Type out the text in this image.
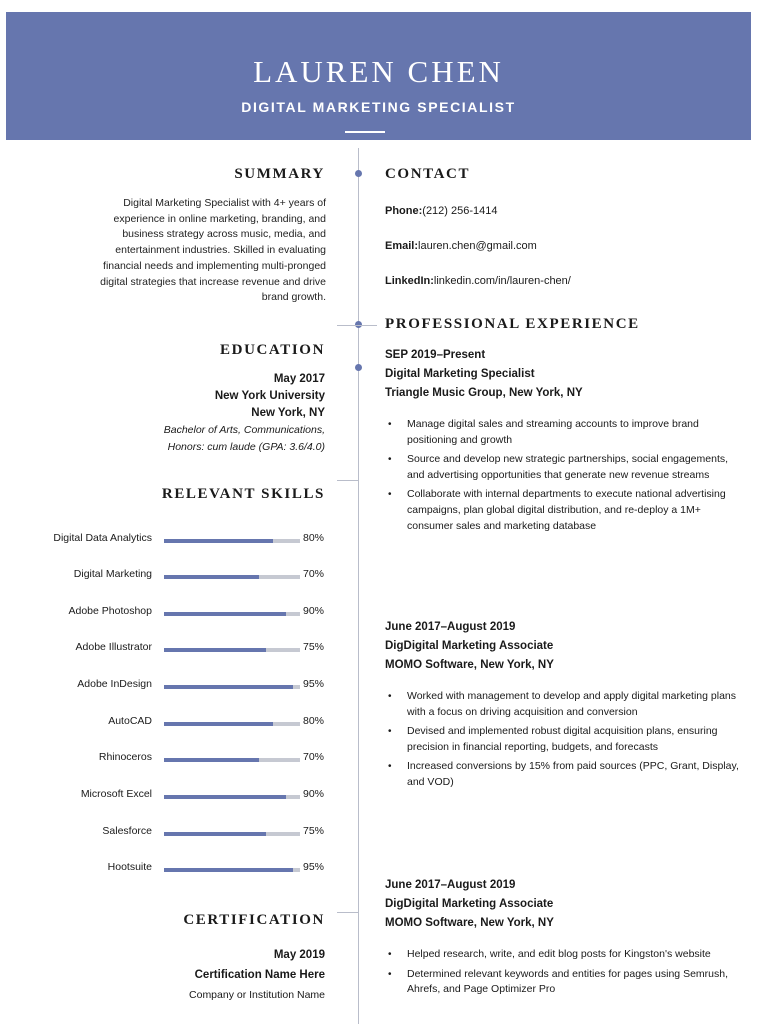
LAUREN CHEN
DIGITAL MARKETING SPECIALIST
SUMMARY
Digital Marketing Specialist with 4+ years of
experience in online marketing, branding, and
business strategy across music, media, and
entertainment industries. Skilled in evaluating
financial needs and implementing multi-pronged
digital strategies that increase revenue and drive
brand growth.
EDUCATION
May 2017
New York University
New York, NY
Bachelor of Arts, Communications,
Honors: cum laude (GPA: 3.6/4.0)
RELEVANT SKILLS
Digital Data Analytics	80%
Digital Marketing	70%
Adobe Photoshop	90%
Adobe Illustrator	75%
Adobe InDesign	95%
AutoCAD	80%
Rhinoceros	70%
Microsoft Excel	90%
Salesforce	75%
Hootsuite	95%
CERTIFICATION
May 2019
Certification Name Here
Company or Institution Name
CONTACT
Phone:(212) 256-1414
Email:lauren.chen@gmail.com
LinkedIn:linkedin.com/in/lauren-chen/
PROFESSIONAL EXPERIENCE
SEP 2019–Present
Digital Marketing Specialist
Triangle Music Group, New York, NY
• Manage digital sales and streaming accounts to improve brand positioning and growth
• Source and develop new strategic partnerships, social engagements, and advertising opportunities that generate new revenue streams
• Collaborate with internal departments to execute national advertising campaigns, plan global digital distribution, and re-deploy a 1M+ consumer sales and marketing database
June 2017–August 2019
DigDigital Marketing Associate
MOMO Software, New York, NY
• Worked with management to develop and apply digital marketing plans with a focus on driving acquisition and conversion
• Devised and implemented robust digital acquisition plans, ensuring precision in financial reporting, budgets, and forecasts
• Increased conversions by 15% from paid sources (PPC, Grant, Display, and VOD)
June 2017–August 2019
DigDigital Marketing Associate
MOMO Software, New York, NY
• Helped research, write, and edit blog posts for Kingston's website
• Determined relevant keywords and entities for pages using Semrush, Ahrefs, and Page Optimizer Pro
